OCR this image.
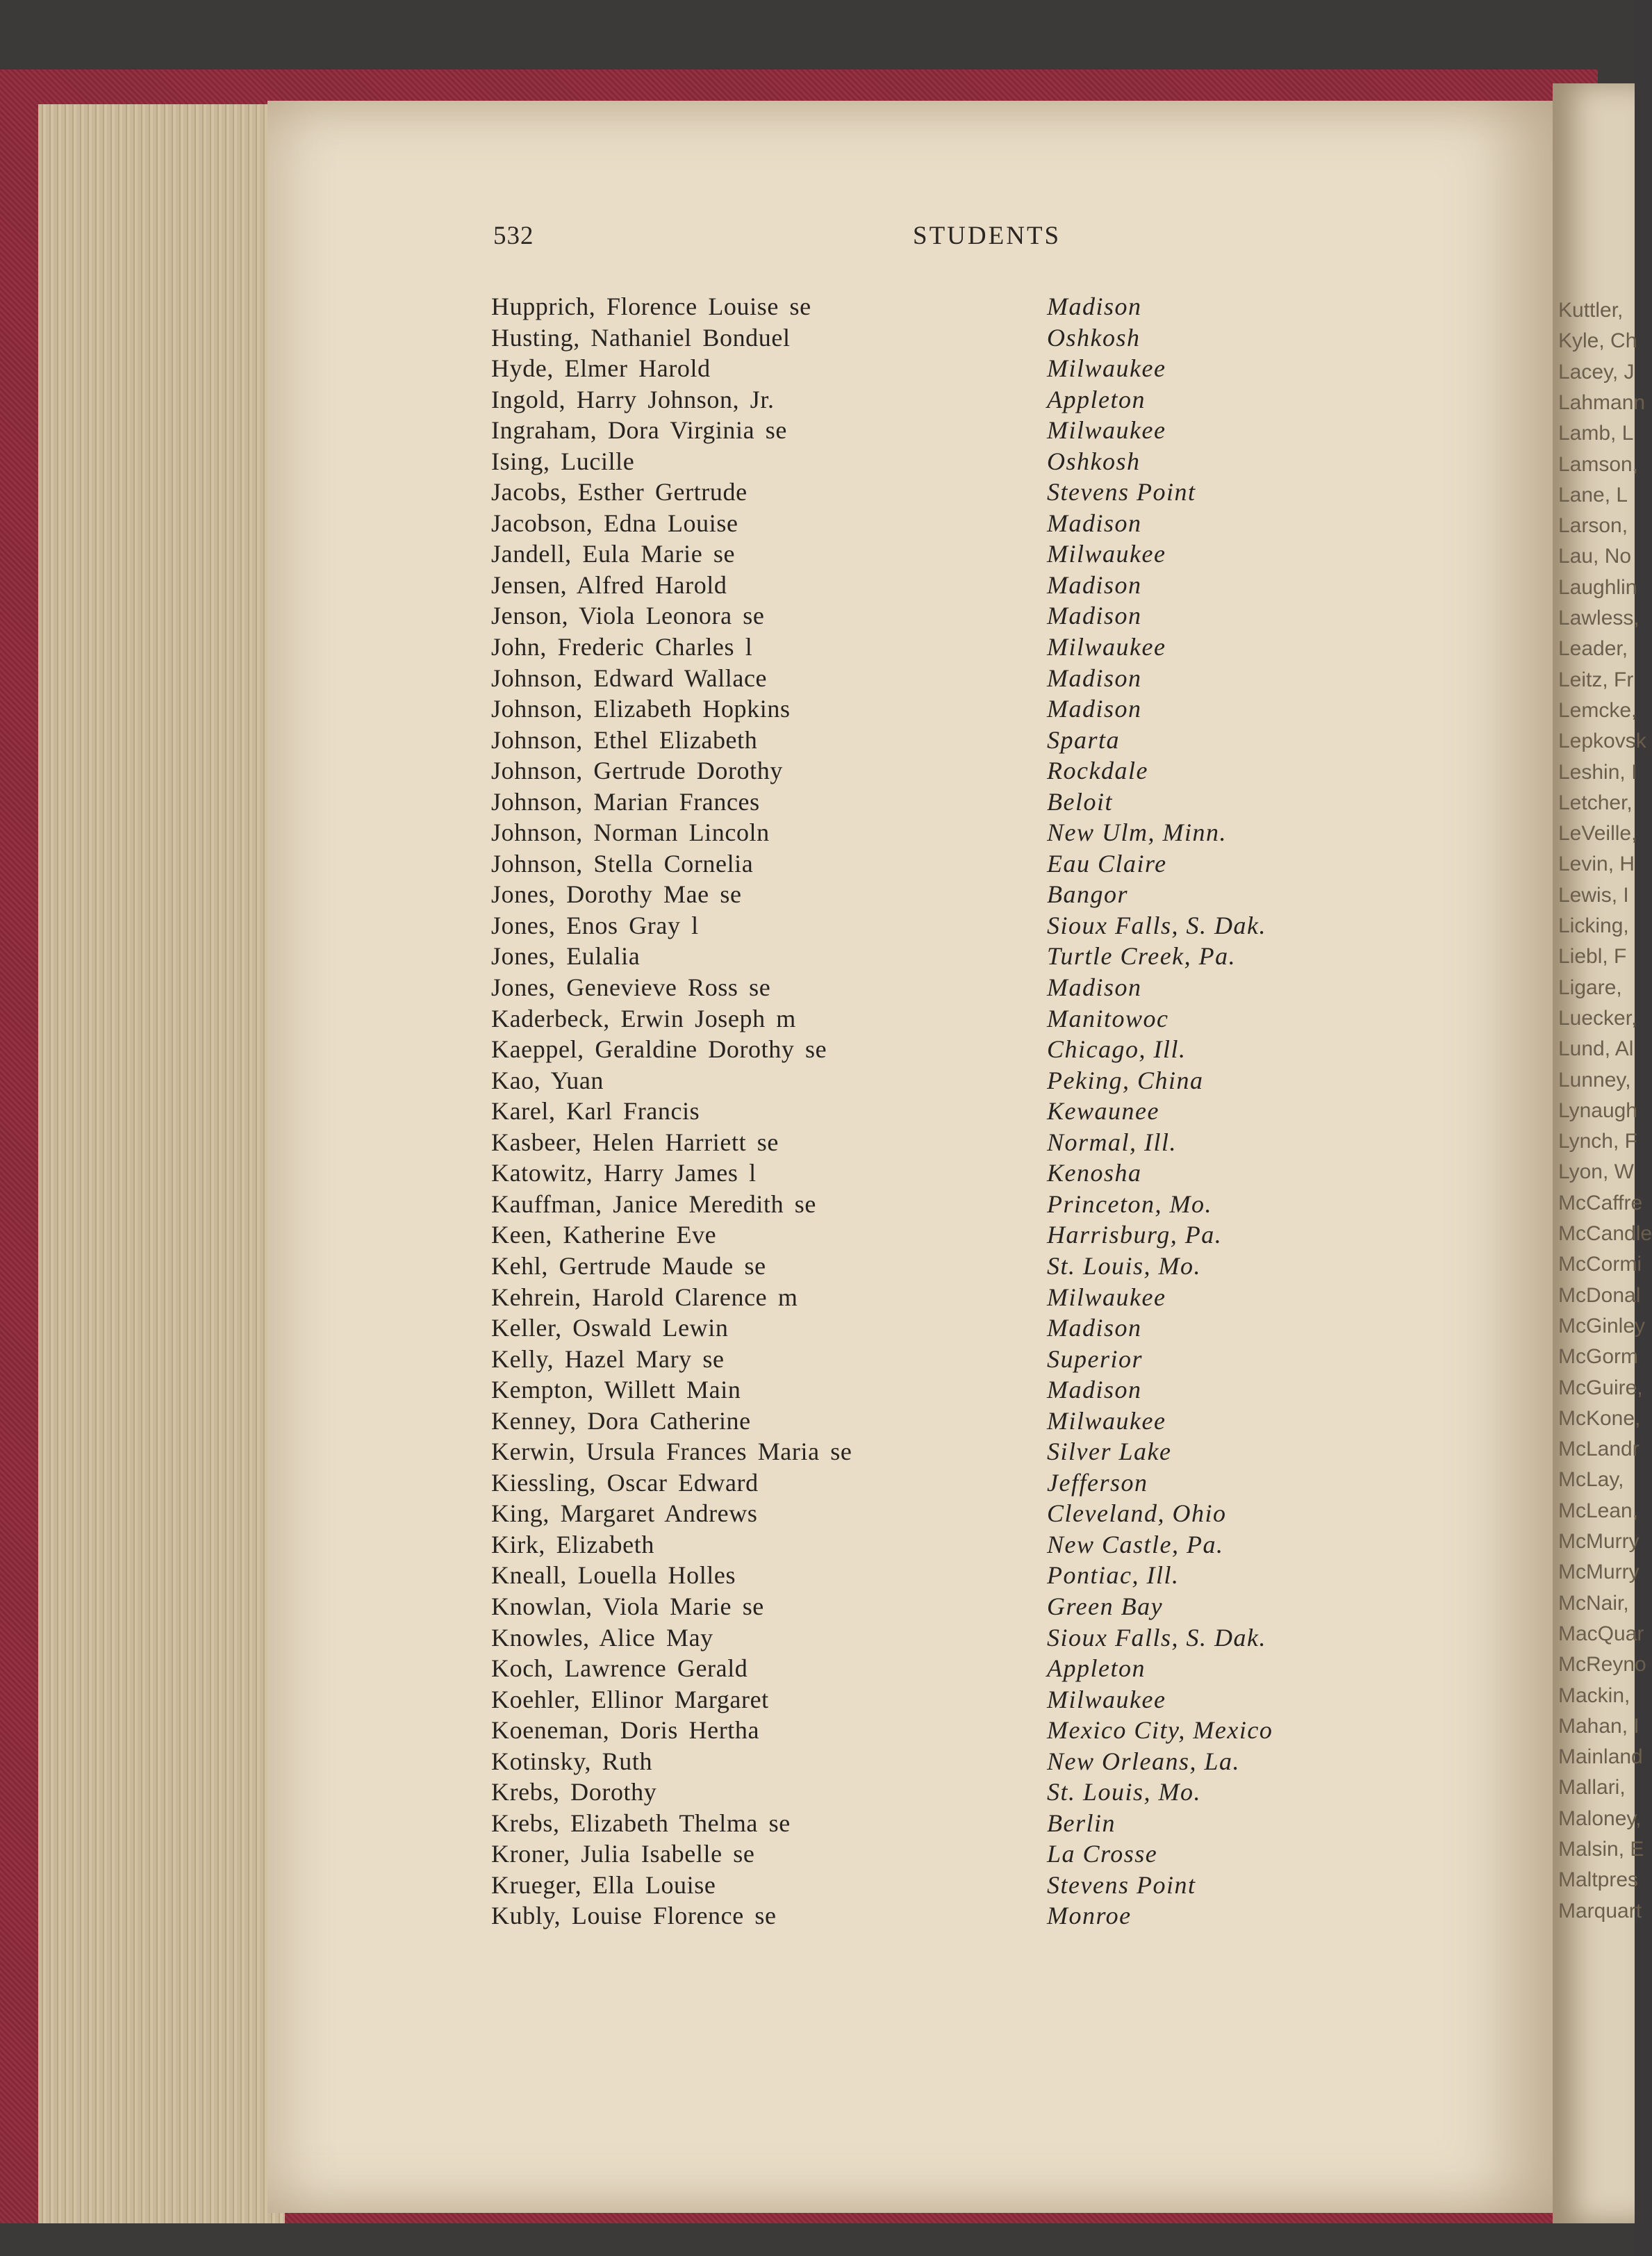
Kuttler,
Kyle, Ch
Lacey, J
Lahmann
Lamb, L
Lamson,
Lane, L
Larson,
Lau, No
Laughlin
Lawless,
Leader,
Leitz, Fr
Lemcke,
Lepkovsk
Leshin, I
Letcher,
LeVeille,
Levin, H
Lewis, I
Licking,
Liebl, F
Ligare,
Luecker,
Lund, Al
Lunney,
Lynaugh
Lynch, F
Lyon, W
McCaffre
McCandle
McCormi
McDonal
McGinley
McGorm
McGuire,
McKone,
McLandr
McLay,
McLean,
McMurry
McMurry
McNair,
MacQuar
McReyno
Mackin,
Mahan, I
Mainland
Mallari,
Maloney,
Malsin, E
Maltpres
Marquart
532	STUDENTS
Hupprich, Florence Louise se	Madison
Husting, Nathaniel Bonduel	Oshkosh
Hyde, Elmer Harold	Milwaukee
Ingold, Harry Johnson, Jr.	Appleton
Ingraham, Dora Virginia se	Milwaukee
Ising, Lucille	Oshkosh
Jacobs, Esther Gertrude	Stevens Point
Jacobson, Edna Louise	Madison
Jandell, Eula Marie se	Milwaukee
Jensen, Alfred Harold	Madison
Jenson, Viola Leonora se	Madison
John, Frederic Charles l	Milwaukee
Johnson, Edward Wallace	Madison
Johnson, Elizabeth Hopkins	Madison
Johnson, Ethel Elizabeth	Sparta
Johnson, Gertrude Dorothy	Rockdale
Johnson, Marian Frances	Beloit
Johnson, Norman Lincoln	New Ulm, Minn.
Johnson, Stella Cornelia	Eau Claire
Jones, Dorothy Mae se	Bangor
Jones, Enos Gray l	Sioux Falls, S. Dak.
Jones, Eulalia	Turtle Creek, Pa.
Jones, Genevieve Ross se	Madison
Kaderbeck, Erwin Joseph m	Manitowoc
Kaeppel, Geraldine Dorothy se	Chicago, Ill.
Kao, Yuan	Peking, China
Karel, Karl Francis	Kewaunee
Kasbeer, Helen Harriett se	Normal, Ill.
Katowitz, Harry James l	Kenosha
Kauffman, Janice Meredith se	Princeton, Mo.
Keen, Katherine Eve	Harrisburg, Pa.
Kehl, Gertrude Maude se	St. Louis, Mo.
Kehrein, Harold Clarence m	Milwaukee
Keller, Oswald Lewin	Madison
Kelly, Hazel Mary se	Superior
Kempton, Willett Main	Madison
Kenney, Dora Catherine	Milwaukee
Kerwin, Ursula Frances Maria se	Silver Lake
Kiessling, Oscar Edward	Jefferson
King, Margaret Andrews	Cleveland, Ohio
Kirk, Elizabeth	New Castle, Pa.
Kneall, Louella Holles	Pontiac, Ill.
Knowlan, Viola Marie se	Green Bay
Knowles, Alice May	Sioux Falls, S. Dak.
Koch, Lawrence Gerald	Appleton
Koehler, Ellinor Margaret	Milwaukee
Koeneman, Doris Hertha	Mexico City, Mexico
Kotinsky, Ruth	New Orleans, La.
Krebs, Dorothy	St. Louis, Mo.
Krebs, Elizabeth Thelma se	Berlin
Kroner, Julia Isabelle se	La Crosse
Krueger, Ella Louise	Stevens Point
Kubly, Louise Florence se	Monroe
